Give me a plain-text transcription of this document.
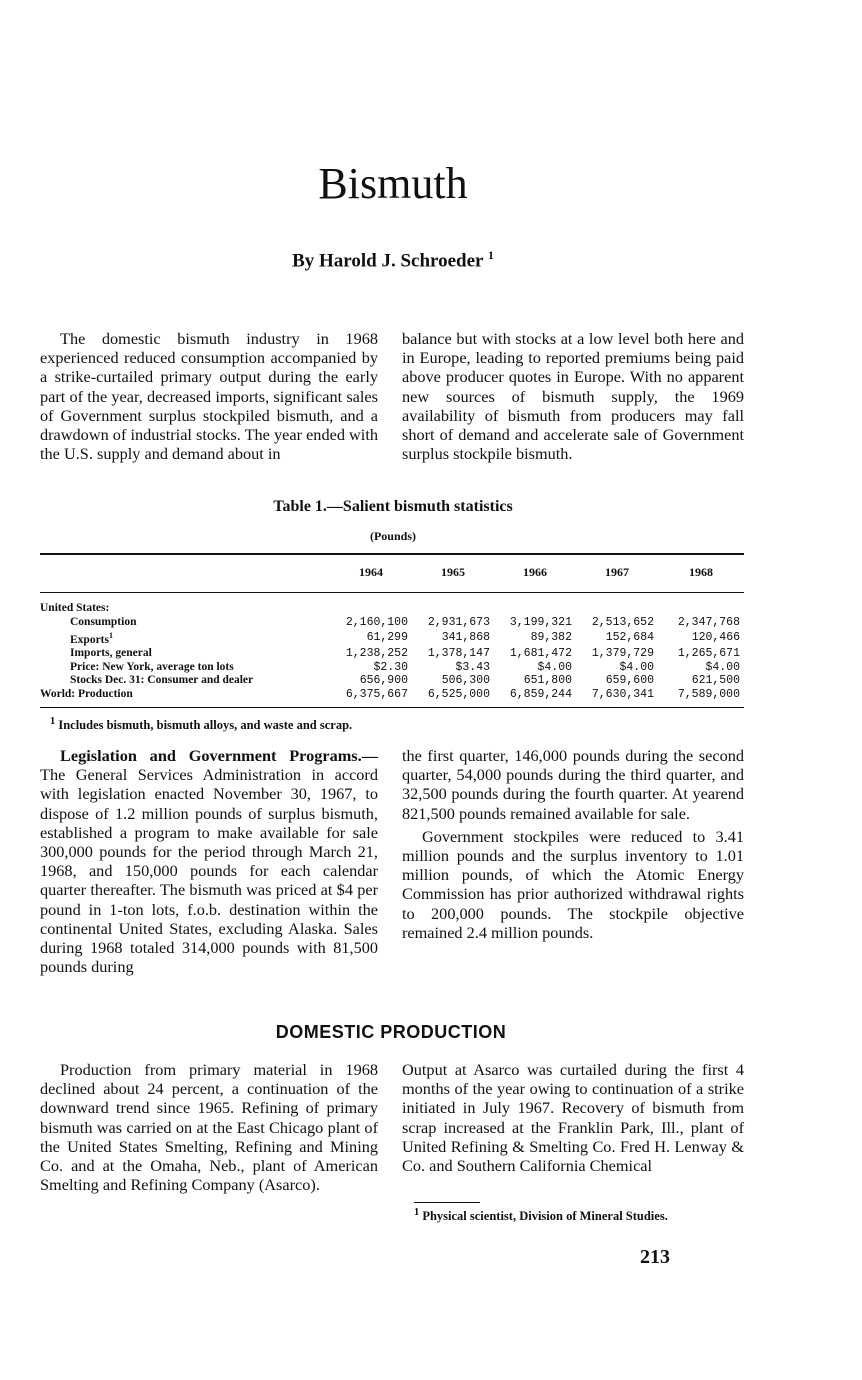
Bismuth
By Harold J. Schroeder $^1$

The domestic bismuth industry in 1968 experienced reduced consumption accompanied by a strike-curtailed primary output during the early part of the year, decreased imports, significant sales of Government surplus stockpiled bismuth, and a drawdown of industrial stocks. The year ended with the U.S. supply and demand about in

balance but with stocks at a low level both here and in Europe, leading to reported premiums being paid above producer quotes in Europe. With no apparent new sources of bismuth supply, the 1969 availability of bismuth from producers may fall short of demand and accelerate sale of Government surplus stockpile bismuth.

Table 1.—Salient bismuth statistics
(Pounds)
	1964	1965	1966	1967	1968
United States:					
Consumption	2,160,100	2,931,673	3,199,321	2,513,652	2,347,768
Exports$^1$	61,299	341,868	89,382	152,684	120,466
Imports, general	1,238,252	1,378,147	1,681,472	1,379,729	1,265,671
Price: New York, average ton lots	$2.30	$3.43	$4.00	$4.00	$4.00
Stocks Dec. 31: Consumer and dealer	656,900	506,300	651,800	659,600	621,500
World: Production	6,375,667	6,525,000	6,859,244	7,630,341	7,589,000
$^1$ Includes bismuth, bismuth alloys, and waste and scrap.

Legislation and Government Programs.— The General Services Administration in accord with legislation enacted November 30, 1967, to dispose of 1.2 million pounds of surplus bismuth, established a program to make available for sale 300,000 pounds for the period through March 21, 1968, and 150,000 pounds for each calendar quarter thereafter. The bismuth was priced at $4 per pound in 1-ton lots, f.o.b. destination within the continental United States, excluding Alaska. Sales during 1968 totaled 314,000 pounds with 81,500 pounds during

the first quarter, 146,000 pounds during the second quarter, 54,000 pounds during the third quarter, and 32,500 pounds during the fourth quarter. At yearend 821,500 pounds remained available for sale.

Government stockpiles were reduced to 3.41 million pounds and the surplus inventory to 1.01 million pounds, of which the Atomic Energy Commission has prior authorized withdrawal rights to 200,000 pounds. The stockpile objective remained 2.4 million pounds.

DOMESTIC PRODUCTION

Production from primary material in 1968 declined about 24 percent, a continuation of the downward trend since 1965. Refining of primary bismuth was carried on at the East Chicago plant of the United States Smelting, Refining and Mining Co. and at the Omaha, Neb., plant of American Smelting and Refining Company (Asarco).

Output at Asarco was curtailed during the first 4 months of the year owing to continuation of a strike initiated in July 1967. Recovery of bismuth from scrap increased at the Franklin Park, Ill., plant of United Refining & Smelting Co. Fred H. Lenway & Co. and Southern California Chemical

$^1$ Physical scientist, Division of Mineral Studies.
213
